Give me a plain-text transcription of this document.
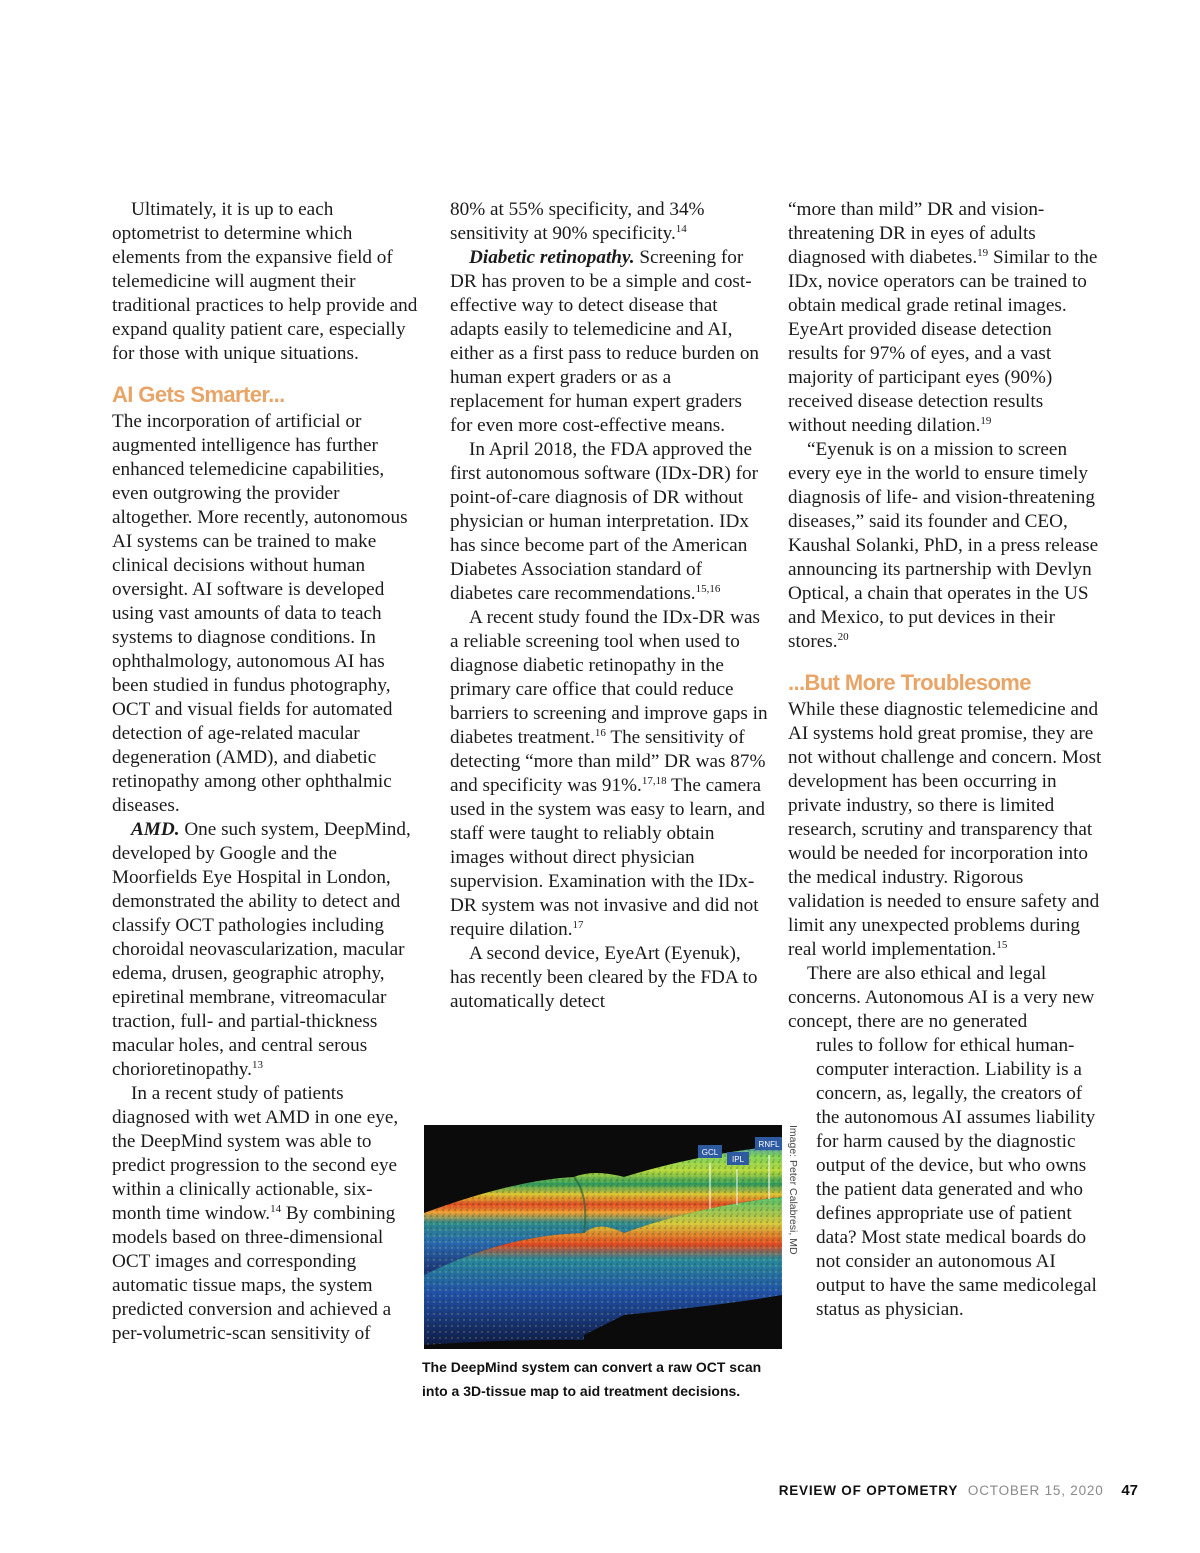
Ultimately, it is up to each optometrist to determine which elements from the expansive field of telemedicine will augment their traditional practices to help provide and expand quality patient care, especially for those with unique situations.

AI Gets Smarter...

The incorporation of artificial or augmented intelligence has further enhanced telemedicine capabilities, even outgrowing the provider altogether. More recently, autonomous AI systems can be trained to make clinical decisions without human oversight. AI software is developed using vast amounts of data to teach systems to diagnose conditions. In ophthalmology, autonomous AI has been studied in fundus photography, OCT and visual fields for automated detection of age-related macular degeneration (AMD), and diabetic retinopathy among other ophthalmic diseases.

AMD. One such system, DeepMind, developed by Google and the Moorfields Eye Hospital in London, demonstrated the ability to detect and classify OCT pathologies including choroidal neovascularization, macular edema, drusen, geographic atrophy, epiretinal membrane, vitreomacular traction, full- and partial-thickness macular holes, and central serous chorioretinopathy.$^{13}$

In a recent study of patients diagnosed with wet AMD in one eye, the DeepMind system was able to predict progression to the second eye within a clinically actionable, six-month time window.$^{14}$ By combining models based on three-dimensional OCT images and corresponding automatic tissue maps, the system predicted conversion and achieved a per-volumetric-scan sensitivity of

80% at 55% specificity, and 34% sensitivity at 90% specificity.$^{14}$

Diabetic retinopathy. Screening for DR has proven to be a simple and cost-effective way to detect disease that adapts easily to telemedicine and AI, either as a first pass to reduce burden on human expert graders or as a replacement for human expert graders for even more cost-effective means.

In April 2018, the FDA approved the first autonomous software (IDx-DR) for point-of-care diagnosis of DR without physician or human interpretation. IDx has since become part of the American Diabetes Association standard of diabetes care recommendations.$^{15,16}$

A recent study found the IDx-DR was a reliable screening tool when used to diagnose diabetic retinopathy in the primary care office that could reduce barriers to screening and improve gaps in diabetes treatment.$^{16}$ The sensitivity of detecting “more than mild” DR was 87% and specificity was 91%.$^{17,18}$ The camera used in the system was easy to learn, and staff were taught to reliably obtain images without direct physician supervision. Examination with the IDx-DR system was not invasive and did not require dilation.$^{17}$

A second device, EyeArt (Eyenuk), has recently been cleared by the FDA to automatically detect

“more than mild” DR and vision-threatening DR in eyes of adults diagnosed with diabetes.$^{19}$ Similar to the IDx, novice operators can be trained to obtain medical grade retinal images. EyeArt provided disease detection results for 97% of eyes, and a vast majority of participant eyes (90%) received disease detection results without needing dilation.$^{19}$

“Eyenuk is on a mission to screen every eye in the world to ensure timely diagnosis of life- and vision-threatening diseases,” said its founder and CEO, Kaushal Solanki, PhD, in a press release announcing its partnership with Devlyn Optical, a chain that operates in the US and Mexico, to put devices in their stores.$^{20}$

...But More Troublesome

While these diagnostic telemedicine and AI systems hold great promise, they are not without challenge and concern. Most development has been occurring in private industry, so there is limited research, scrutiny and transparency that would be needed for incorporation into the medical industry. Rigorous validation is needed to ensure safety and limit any unexpected problems during real world implementation.$^{15}$

There are also ethical and legal concerns. Autonomous AI is a very new concept, there are no generated

rules to follow for ethical human-computer interaction. Liability is a concern, as, legally, the creators of the autonomous AI assumes liability for harm caused by the diagnostic output of the device, but who owns the patient data generated and who defines appropriate use of patient data? Most state medical boards do not consider an autonomous AI output to have the same medicolegal status as physician.

GCL
IPL
RNFL Image: Peter Calabresi, MD
The DeepMind system can convert a raw OCT scan into a 3D-tissue map to aid treatment decisions.
REVIEW OF OPTOMETRY OCTOBER 15, 2020 47
